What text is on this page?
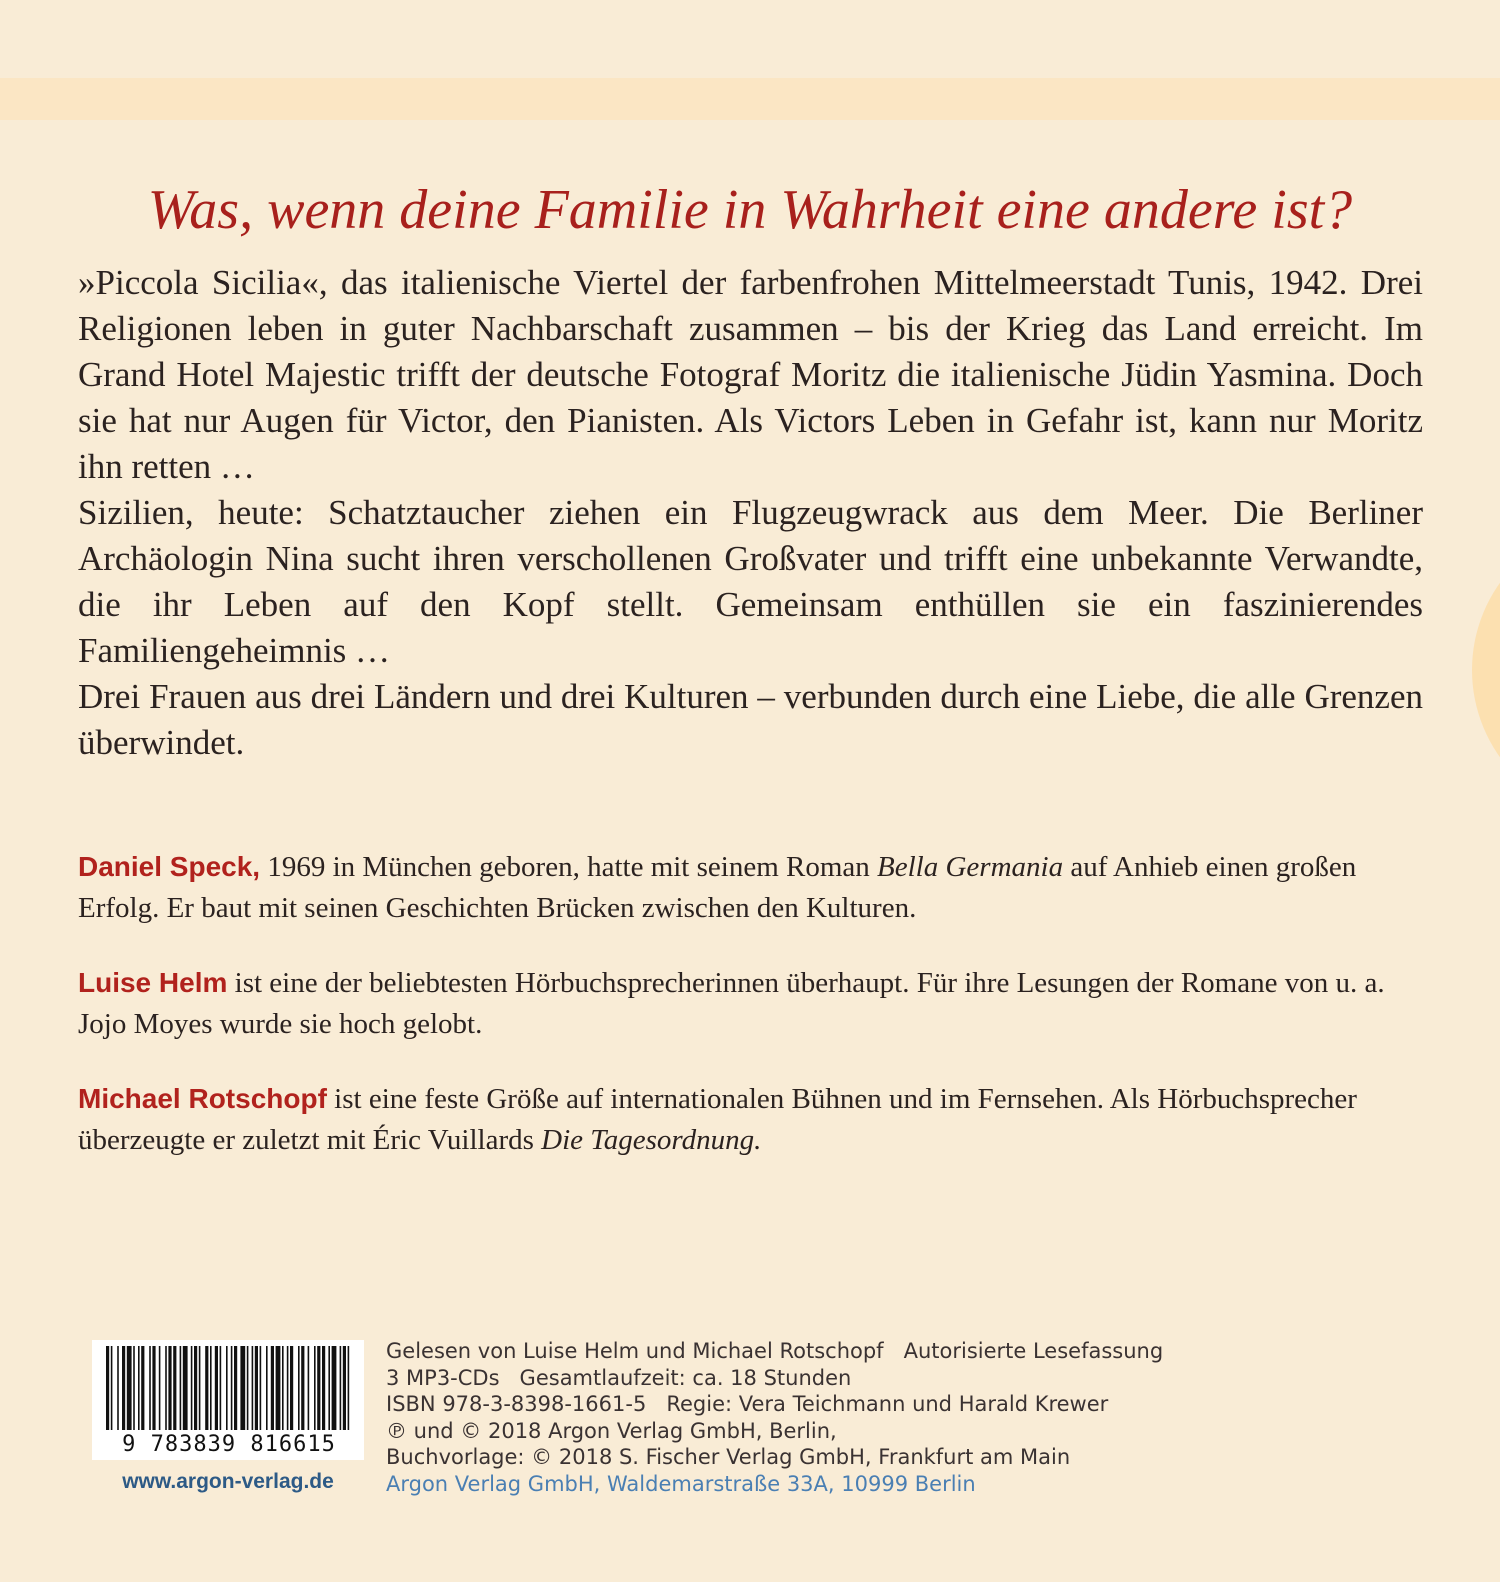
Was, wenn deine Familie in Wahrheit eine andere ist?

»Piccola Sicilia«, das italienische Viertel der farbenfrohen Mittelmeerstadt Tunis, 1942. Drei Religionen leben in guter Nachbarschaft zusammen – bis der Krieg das Land erreicht. Im Grand Hotel Majestic trifft der deutsche Fotograf Moritz die italienische Jüdin Yasmina. Doch sie hat nur Augen für Victor, den Pianisten. Als Victors Leben in Gefahr ist, kann nur Moritz ihn retten …

Sizilien, heute: Schatztaucher ziehen ein Flugzeugwrack aus dem Meer. Die Berliner Archäologin Nina sucht ihren verschollenen Großvater und trifft eine unbekannte Verwandte, die ihr Leben auf den Kopf stellt. Gemeinsam enthüllen sie ein faszinierendes Familiengeheimnis …

Drei Frauen aus drei Ländern und drei Kulturen – verbunden durch eine Liebe, die alle Grenzen überwindet.

Daniel Speck, 1969 in München geboren, hatte mit seinem Roman Bella Germania auf Anhieb einen großen Erfolg. Er baut mit seinen Geschichten Brücken zwischen den Kulturen.
Luise Helm ist eine der beliebtesten Hörbuchsprecherinnen überhaupt. Für ihre Lesungen der Romane von u. a. Jojo Moyes wurde sie hoch gelobt.
Michael Rotschopf ist eine feste Größe auf internationalen Bühnen und im Fernsehen. Als Hörbuchsprecher überzeugte er zuletzt mit Éric Vuillards Die Tagesordnung.
9 783839 816615
www.argon-verlag.de
Gelesen von Luise Helm und Michael Rotschopf   Autorisierte Lesefassung
3 MP3-CDs   Gesamtlaufzeit: ca. 18 Stunden
ISBN 978-3-8398-1661-5   Regie: Vera Teichmann und Harald Krewer
℗ und © 2018 Argon Verlag GmbH, Berlin,
Buchvorlage: © 2018 S. Fischer Verlag GmbH, Frankfurt am Main
Argon Verlag GmbH, Waldemarstraße 33A, 10999 Berlin
